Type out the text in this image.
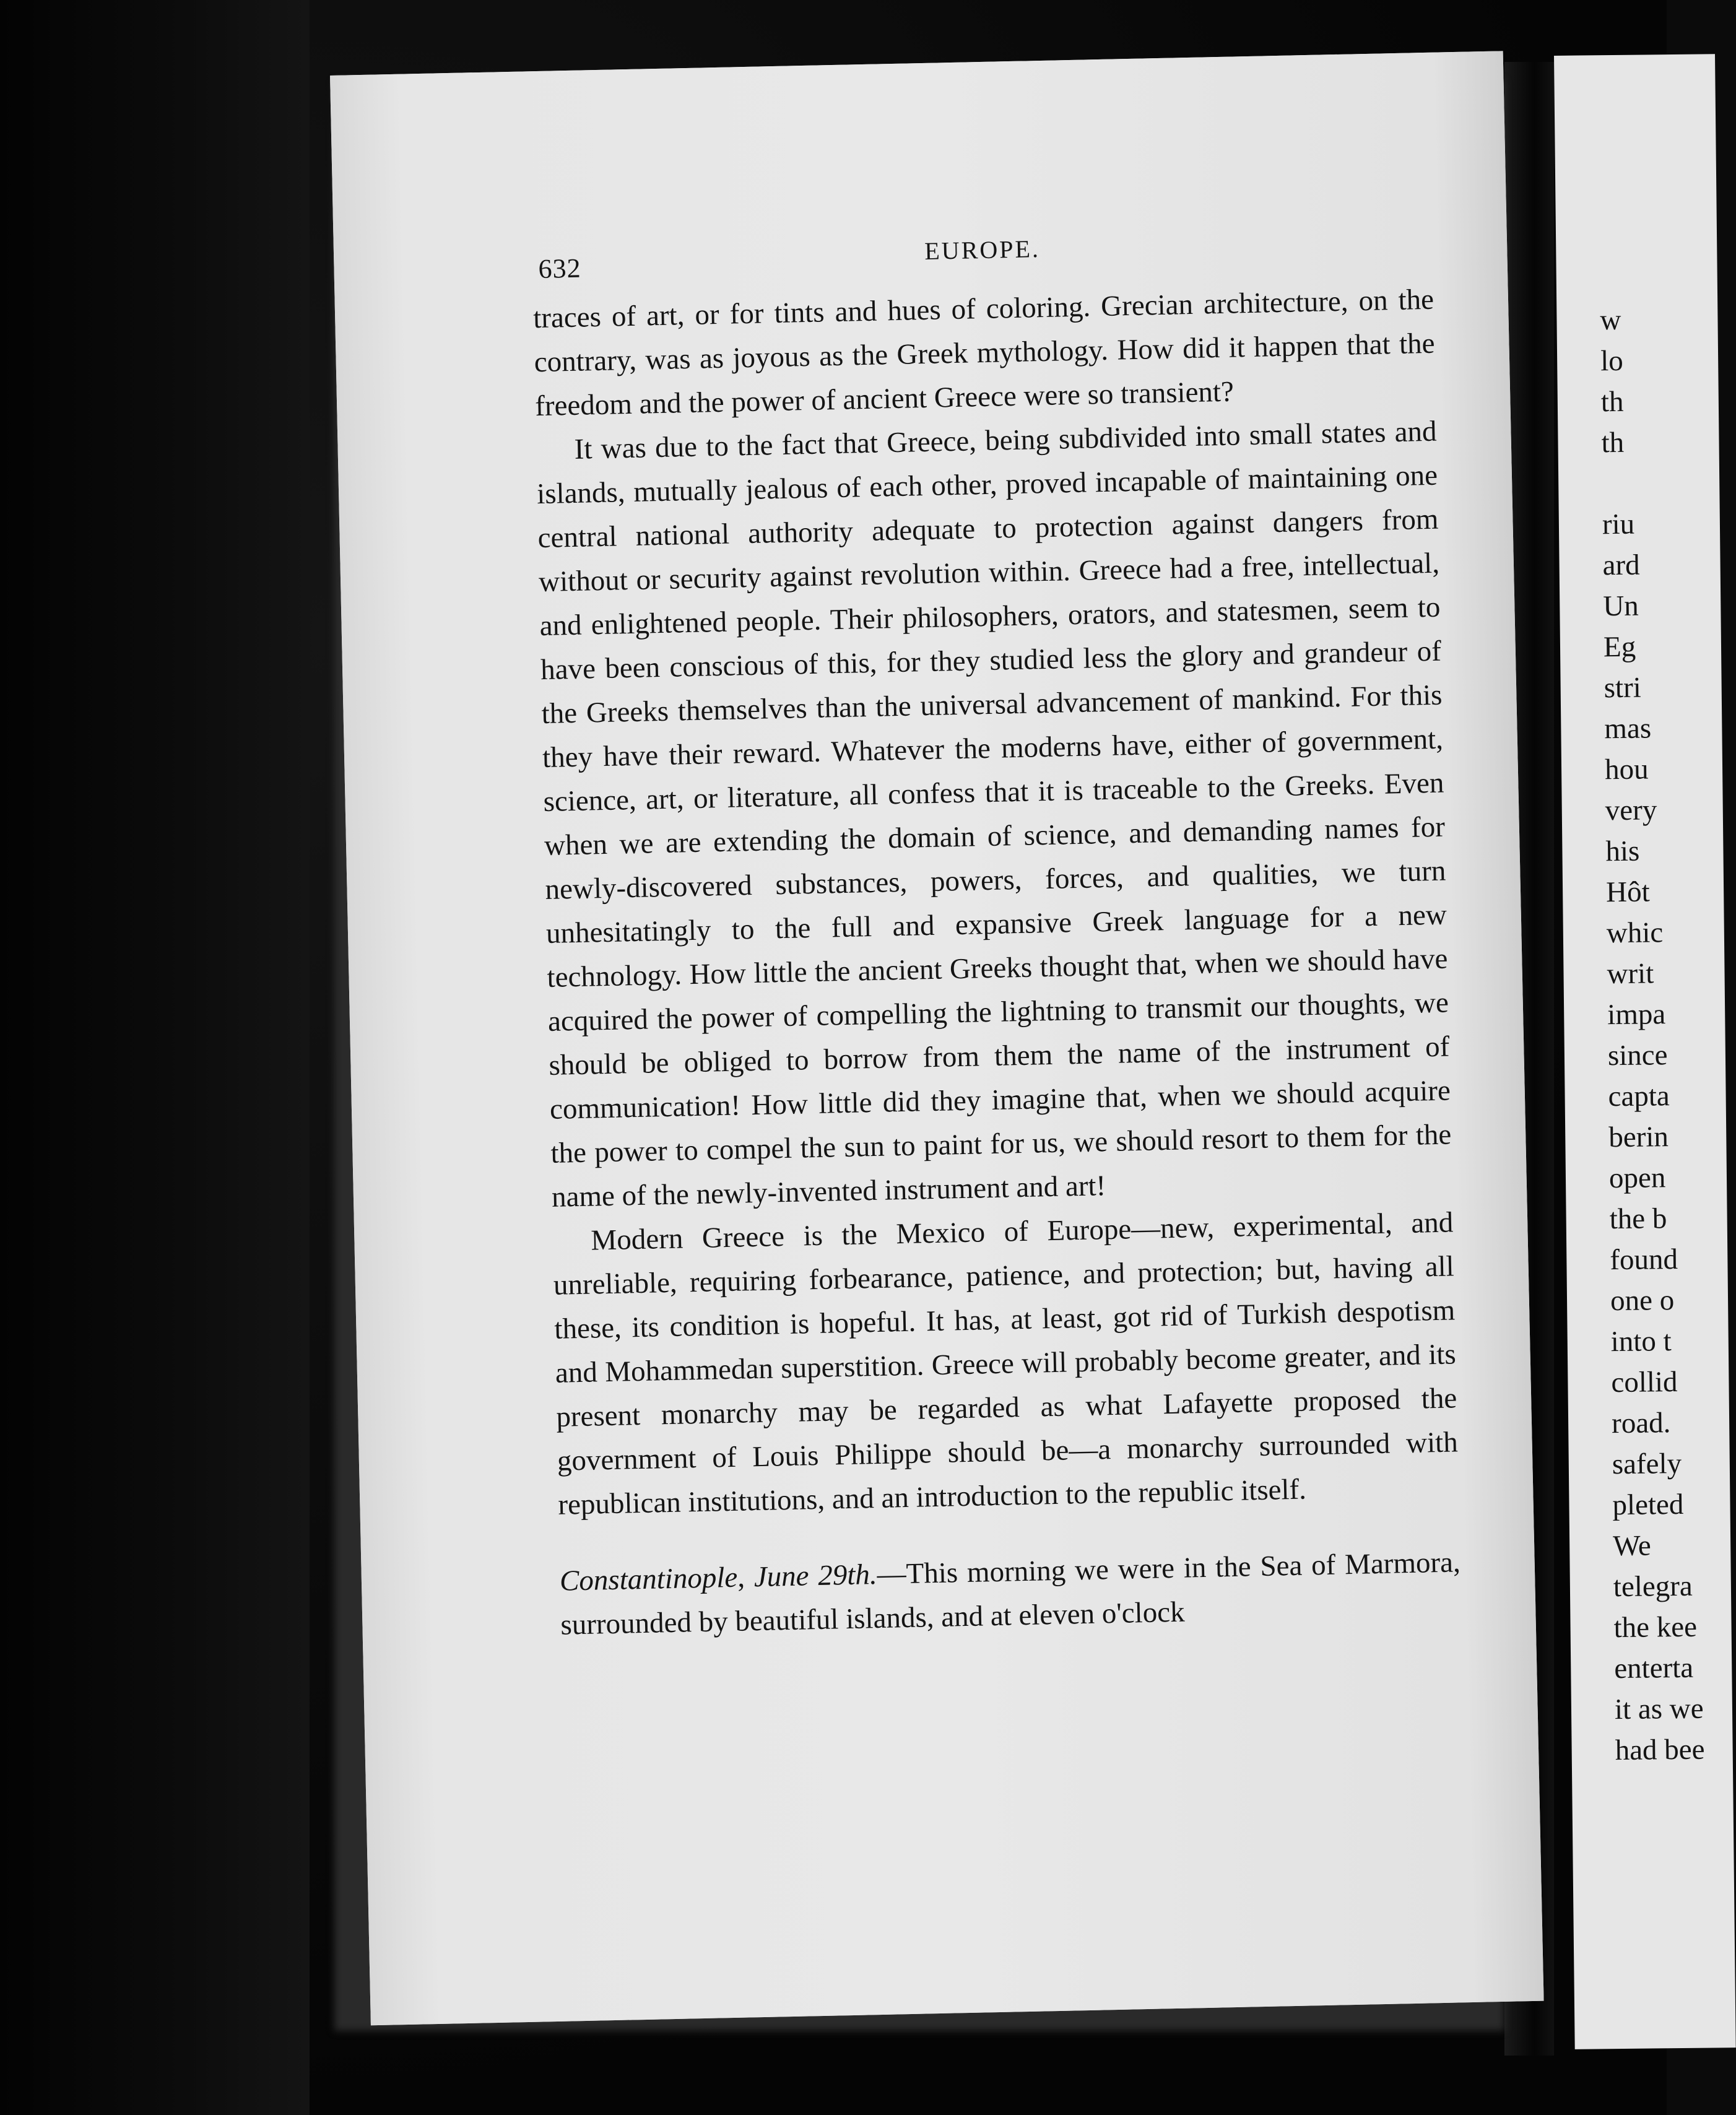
w
lo
th
th
riu
ard
Un
Eg
stri
mas
hou
very
his
Hôt
whic
writ
impa
since
capta
berin
open
the b
found
one o
into t
collid
road.
safely
pleted
We
telegra
the kee
enterta
it as we
had bee
632
EUROPE.

traces of art, or for tints and hues of coloring. Grecian architecture, on the contrary, was as joyous as the Greek mythology. How did it happen that the freedom and the power of ancient Greece were so transient?

It was due to the fact that Greece, being subdivided into small states and islands, mutually jealous of each other, proved incapable of maintaining one central national authority adequate to protection against dangers from without or security against revolution within. Greece had a free, intellectual, and enlightened people. Their philosophers, orators, and statesmen, seem to have been conscious of this, for they studied less the glory and grandeur of the Greeks themselves than the universal advancement of mankind. For this they have their reward. Whatever the moderns have, either of government, science, art, or literature, all confess that it is traceable to the Greeks. Even when we are extending the domain of science, and demanding names for newly-discovered substances, powers, forces, and qualities, we turn unhesitatingly to the full and expansive Greek language for a new technology. How little the ancient Greeks thought that, when we should have acquired the power of compelling the lightning to transmit our thoughts, we should be obliged to borrow from them the name of the instrument of communication! How little did they imagine that, when we should acquire the power to compel the sun to paint for us, we should resort to them for the name of the newly-invented instrument and art!

Modern Greece is the Mexico of Europe—new, experimental, and unreliable, requiring forbearance, patience, and protection; but, having all these, its condition is hopeful. It has, at least, got rid of Turkish despotism and Mohammedan superstition. Greece will probably become greater, and its present monarchy may be regarded as what Lafayette proposed the government of Louis Philippe should be—a monarchy surrounded with republican institutions, and an introduction to the republic itself.

Constantinople, June 29th.—This morning we were in the Sea of Marmora, surrounded by beautiful islands, and at eleven o'clock
